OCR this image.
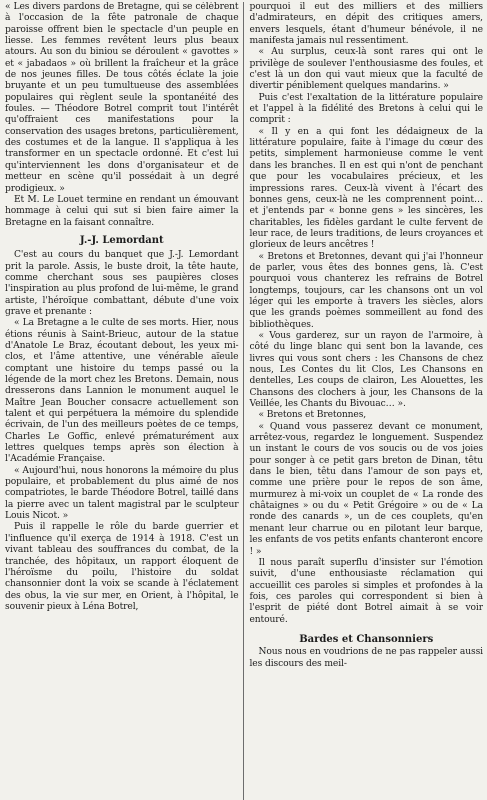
« Les divers pardons de Bretagne, qui se célèbrent à l'occasion de la fête patronale de chaque paroisse offrent bien le spectacle d'un peuple en liesse. Les femmes revêtent leurs plus beaux atours. Au son du biniou se déroulent « gavottes » et « jabadaos » où brillent la fraîcheur et la grâce de nos jeunes filles. De tous côtés éclate la joie bruyante et un peu tumultueuse des assemblées populaires qui règlent seule la spontanéité des foules. — Théodore Botrel comprit tout l'intérêt qu'offraient ces manifestations pour la conservation des usages bretons, particulièrement, des costumes et de la langue. Il s'appliqua à les transformer en un spectacle ordonné. Et c'est lui qu'interviennent les dons d'organisateur et de metteur en scène qu'il possédait à un degré prodigieux. »

Et M. Le Louet termine en rendant un émouvant hommage à celui qui sut si bien faire aimer la Bretagne en la faisant connaître.

J.-J. Lemordant

C'est au cours du banquet que J.-J. Lemordant prit la parole. Assis, le buste droit, la tête haute, comme cherchant sous ses paupières closes l'inspiration au plus profond de lui-même, le grand artiste, l'héroïque combattant, débute d'une voix grave et prenante :

« La Bretagne a le culte de ses morts. Hier, nous étions réunis à Saint-Brieuc, autour de la statue d'Anatole Le Braz, écoutant debout, les yeux mi-clos, et l'âme attentive, une vénérable aïeule comptant une histoire du temps passé ou la légende de la mort chez les Bretons. Demain, nous dresserons dans Lannion le monument auquel le Maître Jean Boucher consacre actuellement son talent et qui perpétuera la mémoire du splendide écrivain, de l'un des meilleurs poètes de ce temps, Charles Le Goffic, enlevé prématurément aux lettres quelques temps après son élection à l'Académie Française.

« Aujourd'hui, nous honorons la mémoire du plus populaire, et probablement du plus aimé de nos compatriotes, le barde Théodore Botrel, taillé dans la pierre avec un talent magistral par le sculpteur Louis Nicot. »

Puis il rappelle le rôle du barde guerrier et l'influence qu'il exerça de 1914 à 1918. C'est un vivant tableau des souffrances du combat, de la tranchée, des hôpitaux, un rapport éloquent de l'héroïsme du poilu, l'histoire du soldat chansonnier dont la voix se scande à l'éclatement des obus, la vie sur mer, en Orient, à l'hôpital, le souvenir pieux à Léna Botrel,

pourquoi il eut des milliers et des milliers d'admirateurs, en dépit des critiques amers, envers lesquels, étant d'humeur bénévole, il ne manifesta jamais nul ressentiment.

« Au surplus, ceux-là sont rares qui ont le privilège de soulever l'enthousiasme des foules, et c'est là un don qui vaut mieux que la faculté de divertir péniblement quelques mandarins. »

Puis c'est l'exaltation de la littérature populaire et l'appel à la fidélité des Bretons à celui qui le comprit :

« Il y en a qui font les dédaigneux de la littérature populaire, faite à l'image du cœur des petits, simplement harmonieuse comme le vent dans les branches. Il en est qui n'ont de penchant que pour les vocabulaires précieux, et les impressions rares. Ceux-là vivent à l'écart des bonnes gens, ceux-là ne les comprennent point… et j'entends par « bonne gens » les sincères, les charitables, les fidèles gardant le culte fervent de leur race, de leurs traditions, de leurs croyances et glorieux de leurs ancêtres !

« Bretons et Bretonnes, devant qui j'ai l'honneur de parler, vous êtes des bonnes gens, là. C'est pourquoi vous chanterez les refrains de Botrel longtemps, toujours, car les chansons ont un vol léger qui les emporte à travers les siècles, alors que les grands poèmes sommeillent au fond des bibliothèques.

« Vous garderez, sur un rayon de l'armoire, à côté du linge blanc qui sent bon la lavande, ces livres qui vous sont chers : les Chansons de chez nous, Les Contes du lit Clos, Les Chansons en dentelles, Les coups de clairon, Les Alouettes, les Chansons des clochers à jour, les Chansons de la Veillée, les Chants du Bivouac… ».

« Bretons et Bretonnes,

« Quand vous passerez devant ce monument, arrêtez-vous, regardez le longuement. Suspendez un instant le cours de vos soucis ou de vos joies pour songer à ce petit gars breton de Dinan, têtu dans le bien, têtu dans l'amour de son pays et, comme une prière pour le repos de son âme, murmurez à mi-voix un couplet de « La ronde des châtaignes » ou du « Petit Grégoire » ou de « La ronde des canards », un de ces couplets, qu'en menant leur charrue ou en pilotant leur barque, les enfants de vos petits enfants chanteront encore ! »

Il nous paraît superflu d'insister sur l'émotion suivit, d'une enthousiaste réclamation qui accueillit ces paroles si simples et profondes à la fois, ces paroles qui correspondent si bien à l'esprit de piété dont Botrel aimait à se voir entouré.

Bardes et Chansonniers

Nous nous en voudrions de ne pas rappeler aussi les discours des meil-
